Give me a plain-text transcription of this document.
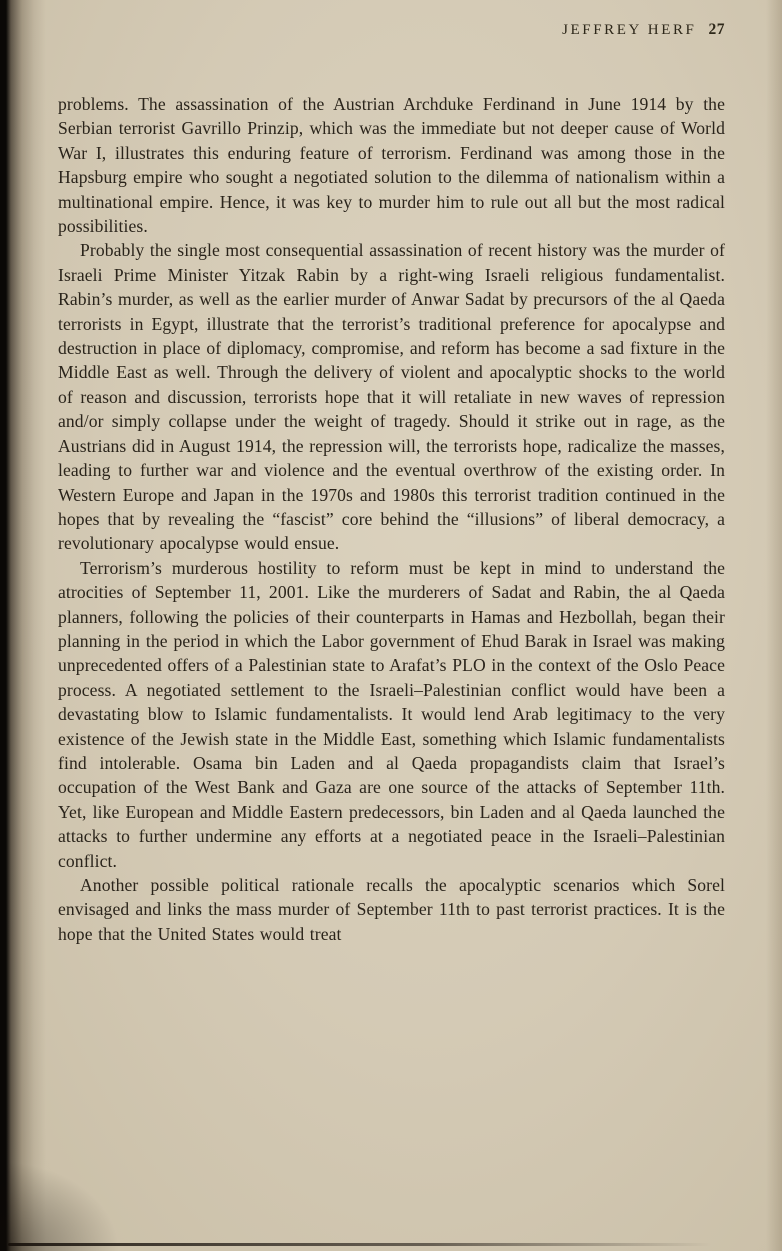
JEFFREY HERF 27

problems. The assassination of the Austrian Archduke Ferdinand in June 1914 by the Serbian terrorist Gavrillo Prinzip, which was the immediate but not deeper cause of World War I, illustrates this enduring feature of terrorism. Ferdinand was among those in the Hapsburg empire who sought a negotiated solution to the dilemma of nationalism within a multinational empire. Hence, it was key to murder him to rule out all but the most radical possibilities.

Probably the single most consequential assassination of recent history was the murder of Israeli Prime Minister Yitzak Rabin by a right-wing Israeli religious fundamentalist. Rabin’s murder, as well as the earlier murder of Anwar Sadat by precursors of the al Qaeda terrorists in Egypt, illustrate that the terrorist’s traditional preference for apocalypse and destruction in place of diplomacy, compromise, and reform has become a sad fixture in the Middle East as well. Through the delivery of violent and apocalyptic shocks to the world of reason and discussion, terrorists hope that it will retaliate in new waves of repression and/or simply collapse under the weight of tragedy. Should it strike out in rage, as the Austrians did in August 1914, the repression will, the terrorists hope, radicalize the masses, leading to further war and violence and the eventual overthrow of the existing order. In Western Europe and Japan in the 1970s and 1980s this terrorist tradition continued in the hopes that by revealing the “fascist” core behind the “illusions” of liberal democracy, a revolutionary apocalypse would ensue.

Terrorism’s murderous hostility to reform must be kept in mind to understand the atrocities of September 11, 2001. Like the murderers of Sadat and Rabin, the al Qaeda planners, following the policies of their counterparts in Hamas and Hezbollah, began their planning in the period in which the Labor government of Ehud Barak in Israel was making unprecedented offers of a Palestinian state to Arafat’s PLO in the context of the Oslo Peace process. A negotiated settlement to the Israeli–Palestinian conflict would have been a devastating blow to Islamic fundamentalists. It would lend Arab legitimacy to the very existence of the Jewish state in the Middle East, something which Islamic fundamentalists find intolerable. Osama bin Laden and al Qaeda propagandists claim that Israel’s occupation of the West Bank and Gaza are one source of the attacks of September 11th. Yet, like European and Middle Eastern predecessors, bin Laden and al Qaeda launched the attacks to further undermine any efforts at a negotiated peace in the Israeli–Palestinian conflict.

Another possible political rationale recalls the apocalyptic scenarios which Sorel envisaged and links the mass murder of September 11th to past terrorist practices. It is the hope that the United States would treat
